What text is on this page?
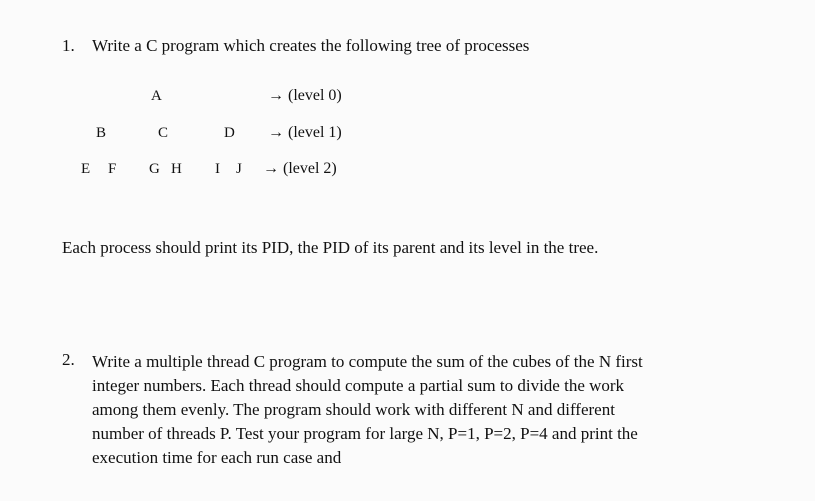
1. Write a C program which creates the following tree of processes
A	→ (level 0)
B	C	D → (level 1)
E F G H I J → (level 2)
Each process should print its PID, the PID of its parent and its level in the tree.
2. Write a multiple thread C program to compute the sum of the cubes of the N first
integer numbers. Each thread should compute a partial sum to divide the work
among them evenly. The program should work with different N and different
number of threads P. Test your program for large N, P=1, P=2, P=4 and print the
execution time for each run case and
